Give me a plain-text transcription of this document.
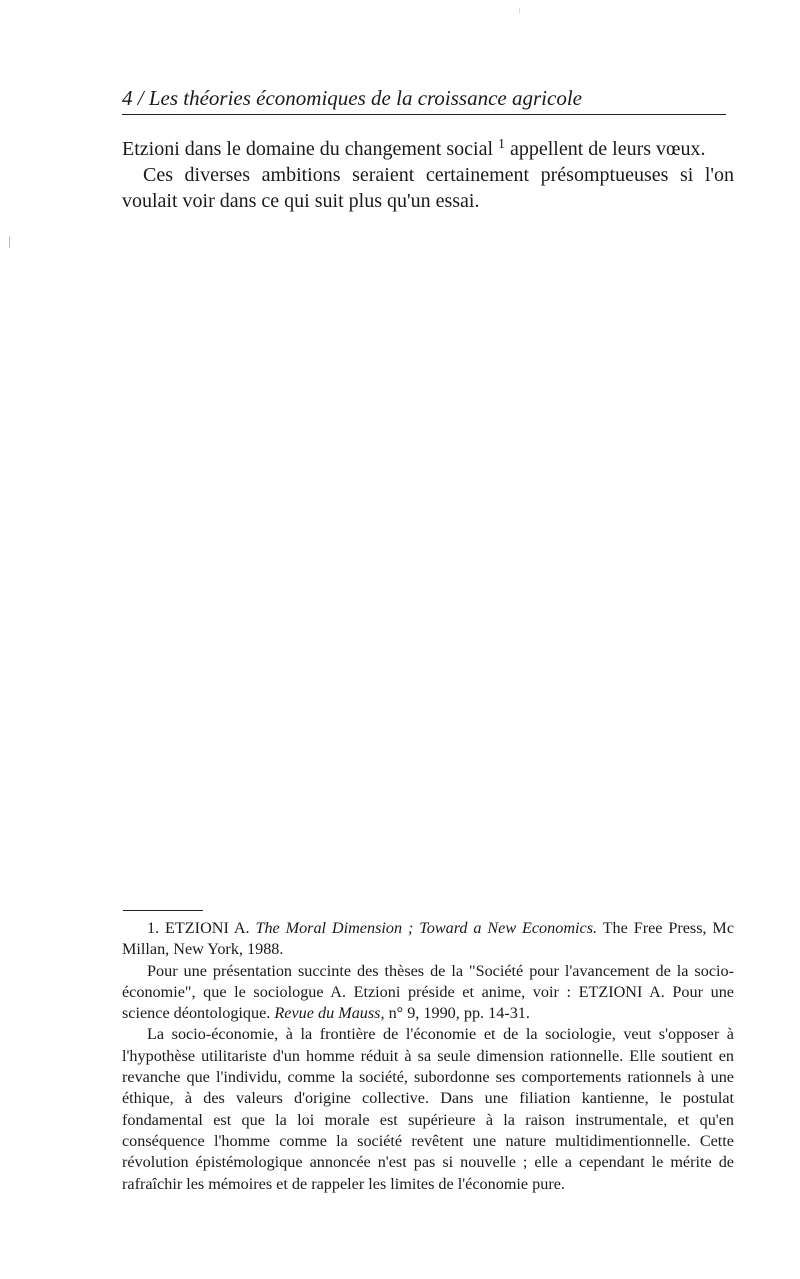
4 / Les théories économiques de la croissance agricole

Etzioni dans le domaine du changement social $^1$ appellent de leurs vœux.

Ces diverses ambitions seraient certainement présomptueuses si l'on voulait voir dans ce qui suit plus qu'un essai.

1. ETZIONI A. The Moral Dimension ; Toward a New Economics. The Free Press, Mc Millan, New York, 1988.

Pour une présentation succinte des thèses de la "Société pour l'avancement de la socio-économie", que le sociologue A. Etzioni préside et anime, voir : ETZIONI A. Pour une science déontologique. Revue du Mauss, n° 9, 1990, pp. 14-31.

La socio-économie, à la frontière de l'économie et de la sociologie, veut s'opposer à l'hypothèse utilitariste d'un homme réduit à sa seule dimension rationnelle. Elle soutient en revanche que l'individu, comme la société, subordonne ses comportements rationnels à une éthique, à des valeurs d'origine collective. Dans une filiation kantienne, le postulat fondamental est que la loi morale est supérieure à la raison instrumentale, et qu'en conséquence l'homme comme la société revêtent une nature multidimentionnelle. Cette révolution épistémologique annoncée n'est pas si nouvelle ; elle a cependant le mérite de rafraîchir les mémoires et de rappeler les limites de l'économie pure.
